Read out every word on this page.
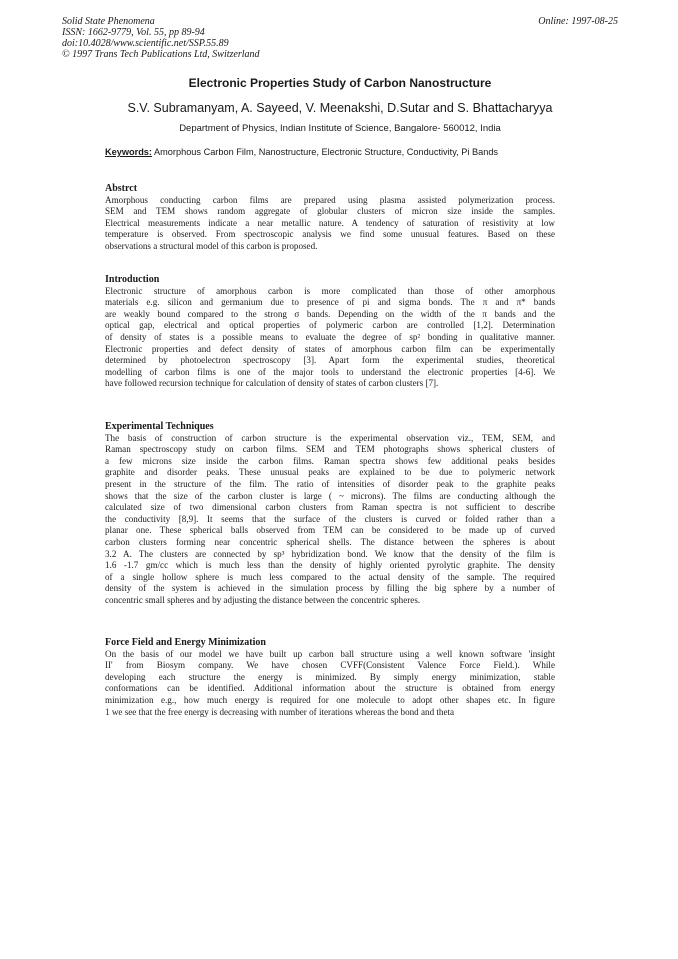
Solid State Phenomena
ISSN: 1662-9779, Vol. 55, pp 89-94
doi:10.4028/www.scientific.net/SSP.55.89
© 1997 Trans Tech Publications Ltd, Switzerland
Online: 1997-08-25
Electronic Properties Study of Carbon Nanostructure
S.V. Subramanyam, A. Sayeed, V. Meenakshi, D.Sutar and S. Bhattacharyya
Department of Physics, Indian Institute of Science, Bangalore- 560012, India
Keywords: Amorphous Carbon Film, Nanostructure, Electronic Structure, Conductivity, Pi Bands
Abstrct
Amorphous conducting carbon films are prepared using plasma assisted polymerization process.
SEM and TEM shows random aggregate of globular clusters of micron size inside the samples.
Electrical measurements indicate a near metallic nature. A tendency of saturation of resistivity at low
temperature is observed. From spectroscopic analysis we find some unusual features. Based on these
observations a structural model of this carbon is proposed.
Introduction
Electronic structure of amorphous carbon is more complicated than those of other amorphous
materials e.g. silicon and germanium due to presence of pi and sigma bonds. The π and π* bands
are weakly bound compared to the strong σ bands. Depending on the width of the π bands and the
optical gap, electrical and optical properties of polymeric carbon are controlled [1,2]. Determination
of density of states is a possible means to evaluate the degree of sp² bonding in qualitative manner.
Electronic properties and defect density of states of amorphous carbon film can be experimentally
determined by photoelectron spectroscopy [3]. Apart form the experimental studies, theoretical
modelling of carbon films is one of the major tools to understand the electronic properties [4-6]. We
have followed recursion technique for calculation of density of states of carbon clusters [7].
Experimental Techniques
The basis of construction of carbon structure is the experimental observation viz., TEM, SEM, and
Raman spectroscopy study on carbon films. SEM and TEM photographs shows spherical clusters of
a few microns size inside the carbon films. Raman spectra shows few additional peaks besides
graphite and disorder peaks. These unusual peaks are explained to be due to polymeric network
present in the structure of the film. The ratio of intensities of disorder peak to the graphite peaks
shows that the size of the carbon cluster is large ( ~ microns). The films are conducting although the
calculated size of two dimensional carbon clusters from Raman spectra is not sufficient to describe
the conductivity [8,9]. It seems that the surface of the clusters is curved or folded rather than a
planar one. These spherical balls observed from TEM can be considered to be made up of curved
carbon clusters forming near concentric spherical shells. The distance between the spheres is about
3.2 A. The clusters are connected by sp³ hybridization bond. We know that the density of the film is
1.6 -1.7 gm/cc which is much less than the density of highly oriented pyrolytic graphite. The density
of a single hollow sphere is much less compared to the actual density of the sample. The required
density of the system is achieved in the simulation process by filling the big sphere by a number of
concentric small spheres and by adjusting the distance between the concentric spheres.
Force Field and Energy Minimization
On the basis of our model we have built up carbon ball structure using a well known software 'insight
II' from Biosym company. We have chosen CVFF(Consistent Valence Force Field.). While
developing each structure the energy is minimized. By simply energy minimization, stable
conformations can be identified. Additional information about the structure is obtained from energy
minimization e.g., how much energy is required for one molecule to adopt other shapes etc. In figure
1 we see that the free energy is decreasing with number of iterations whereas the bond and theta
